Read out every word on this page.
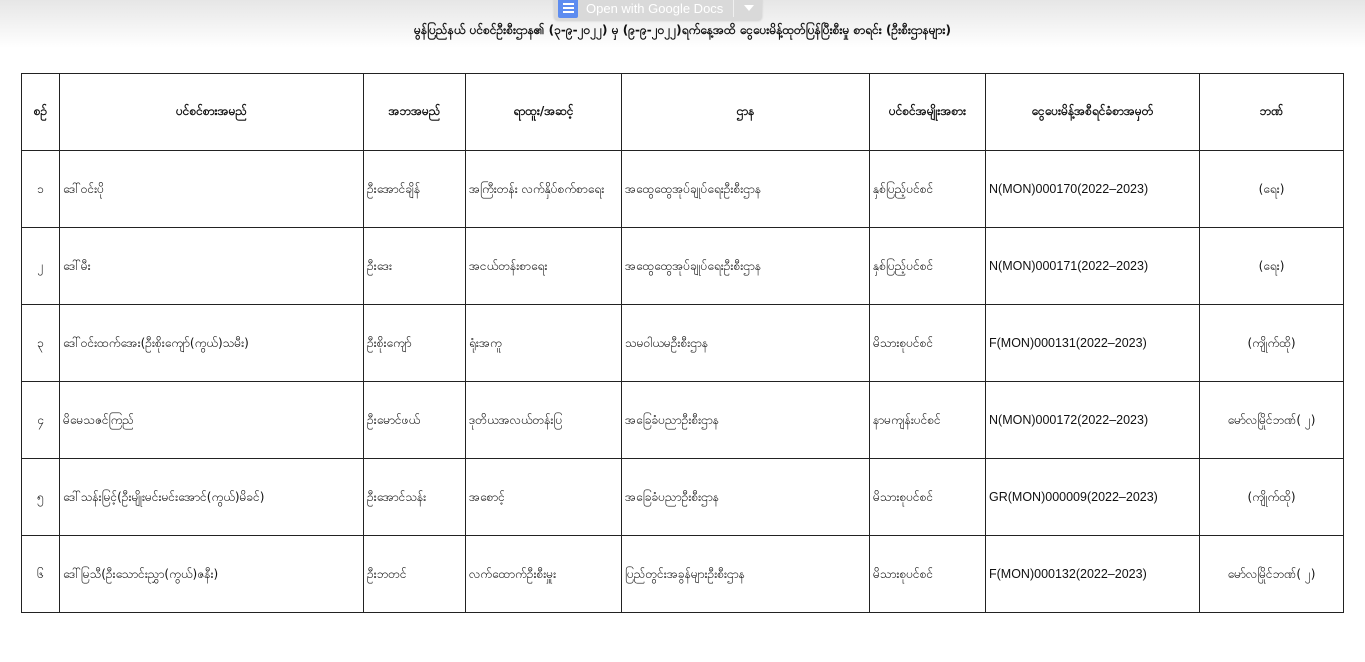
Open with Google Docs
မွန်ပြည်နယ် ပင်စင်ဦးစီးဌာန၏ (၃-၉-၂၀၂၂) မှ (၉-၉-၂၀၂၂)ရက်နေ့အထိ ငွေပေးမိန့်ထုတ်ပြန်ပြီးစီးမှု စာရင်း (ဦးစီးဌာနများ)
စဉ်	ပင်စင်စားအမည်	အဘအမည်	ရာထူး/အဆင့်	ဌာန	ပင်စင်အမျိုးအစား	ငွေပေးမိန့်အစီရင်ခံစာအမှတ်	ဘဏ်
၁	ဒေါ်ဝင်းပို	ဦးအောင်ချိန်	အကြီးတန်း လက်နှိပ်စက်စာရေး	အထွေထွေအုပ်ချုပ်ရေးဦးစီးဌာန	နှစ်ပြည့်ပင်စင်	N(MON)000170(2022–2023)	(ရေး)
၂	ဒေါ်မီး	ဦးဒေး	အငယ်တန်းစာရေး	အထွေထွေအုပ်ချုပ်ရေးဦးစီးဌာန	နှစ်ပြည့်ပင်စင်	N(MON)000171(2022–2023)	(ရေး)
၃	ဒေါ်ဝင်းထက်အေး(ဦးစိုးကျော်(ကွယ်)သမီး)	ဦးစိုးကျော်	ရုံးအကူ	သမဝါယမဦးစီးဌာန	မိသားစုပင်စင်	F(MON)000131(2022–2023)	(ကျိုက်ထို)
၄	မိမေသဇင်ကြည်	ဦးမောင်ဖယ်	ဒုတိယအလယ်တန်းပြ	အခြေခံပညာဦးစီးဌာန	နာမကျန်းပင်စင်	N(MON)000172(2022–2023)	မော်လမြိုင်ဘဏ်( ၂)
၅	ဒေါ်သန်းမြင့်(ဦးမျိုးမင်းမင်းအောင်(ကွယ်)မိခင်)	ဦးအောင်သန်း	အစောင့်	အခြေခံပညာဦးစီးဌာန	မိသားစုပင်စင်	GR(MON)000009(2022–2023)	(ကျိုက်ထို)
၆	ဒေါ်မြသီ(ဦးသောင်းညွှာ(ကွယ်)ဇနီး)	ဦးဘတင်	လက်ထောက်ဦးစီးမှူး	ပြည်တွင်းအခွန်များဦးစီးဌာန	မိသားစုပင်စင်	F(MON)000132(2022–2023)	မော်လမြိုင်ဘဏ်( ၂)
